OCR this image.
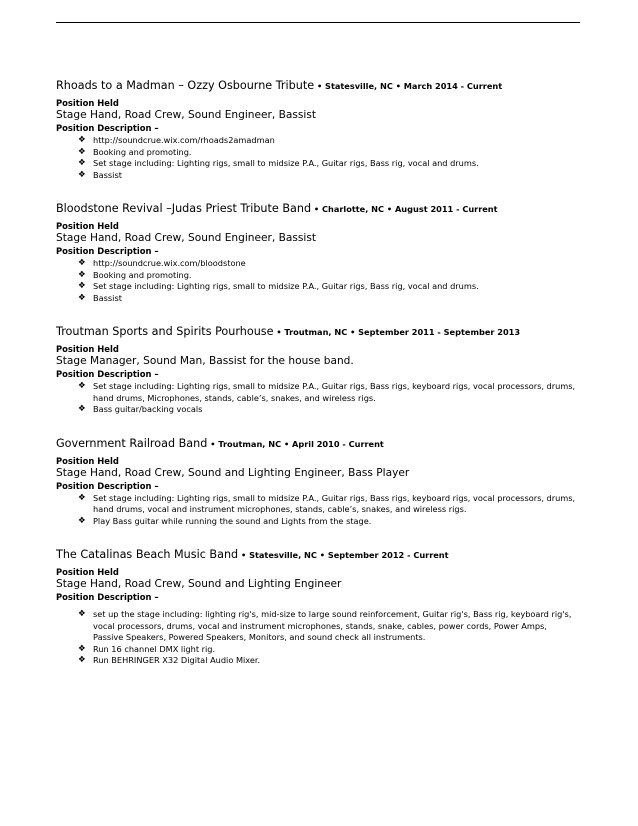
Rhoads to a Madman – Ozzy Osbourne Tribute • Statesville, NC • March 2014 - Current
Position Held
Stage Hand, Road Crew, Sound Engineer, Bassist
Position Description –
❖ http://soundcrue.wix.com/rhoads2amadman
❖ Booking and promoting.
❖ Set stage including: Lighting rigs, small to midsize P.A., Guitar rigs, Bass rig, vocal and drums.
❖ Bassist
Bloodstone Revival –Judas Priest Tribute Band • Charlotte, NC • August 2011 - Current
Position Held
Stage Hand, Road Crew, Sound Engineer, Bassist
Position Description –
❖ http://soundcrue.wix.com/bloodstone
❖ Booking and promoting.
❖ Set stage including: Lighting rigs, small to midsize P.A., Guitar rigs, Bass rig, vocal and drums.
❖ Bassist
Troutman Sports and Spirits Pourhouse • Troutman, NC • September 2011 - September 2013
Position Held
Stage Manager, Sound Man, Bassist for the house band.
Position Description –
❖ Set stage including: Lighting rigs, small to midsize P.A., Guitar rigs, Bass rigs, keyboard rigs, vocal processors, drums, hand drums, Microphones, stands, cable’s, snakes, and wireless rigs.
❖ Bass guitar/backing vocals
Government Railroad Band • Troutman, NC • April 2010 - Current
Position Held
Stage Hand, Road Crew, Sound and Lighting Engineer, Bass Player
Position Description –
❖ Set stage including: Lighting rigs, small to midsize P.A., Guitar rigs, Bass rigs, keyboard rigs, vocal processors, drums, hand drums, vocal and instrument microphones, stands, cable’s, snakes, and wireless rigs.
❖ Play Bass guitar while running the sound and Lights from the stage.
The Catalinas Beach Music Band • Statesville, NC • September 2012 - Current
Position Held
Stage Hand, Road Crew, Sound and Lighting Engineer
Position Description –
❖ set up the stage including: lighting rig's, mid-size to large sound reinforcement, Guitar rig's, Bass rig, keyboard rig's, vocal processors, drums, vocal and instrument microphones, stands, snake, cables, power cords, Power Amps, Passive Speakers, Powered Speakers, Monitors, and sound check all instruments.
❖ Run 16 channel DMX light rig.
❖ Run BEHRINGER X32 Digital Audio Mixer.
